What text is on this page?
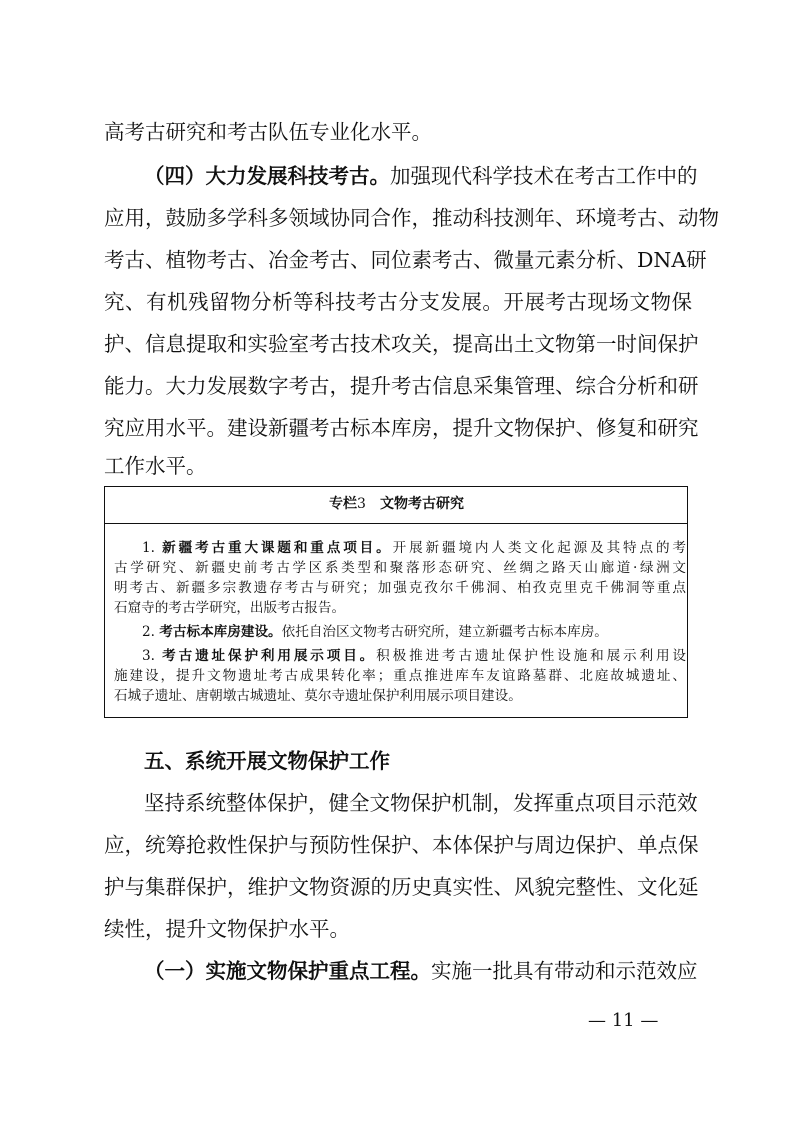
高考古研究和考古队伍专业化水平。
（四）大力发展科技考古。加强现代科学技术在考古工作中的
应用，鼓励多学科多领域协同合作，推动科技测年、环境考古、动物
考古、植物考古、冶金考古、同位素考古、微量元素分析、DNA研
究、有机残留物分析等科技考古分支发展。开展考古现场文物保
护、信息提取和实验室考古技术攻关，提高出土文物第一时间保护
能力。大力发展数字考古，提升考古信息采集管理、综合分析和研
究应用水平。建设新疆考古标本库房，提升文物保护、修复和研究
工作水平。
专栏3 文物考古研究
1. 新疆考古重大课题和重点项目。开展新疆境内人类文化起源及其特点的考
古学研究、新疆史前考古学区系类型和聚落形态研究、丝绸之路天山廊道·绿洲文
明考古、新疆多宗教遗存考古与研究；加强克孜尔千佛洞、柏孜克里克千佛洞等重点
石窟寺的考古学研究，出版考古报告。
2. 考古标本库房建设。依托自治区文物考古研究所，建立新疆考古标本库房。
3. 考古遗址保护利用展示项目。积极推进考古遗址保护性设施和展示利用设
施建设，提升文物遗址考古成果转化率；重点推进库车友谊路墓群、北庭故城遗址、
石城子遗址、唐朝墩古城遗址、莫尔寺遗址保护利用展示项目建设。
五、系统开展文物保护工作
坚持系统整体保护，健全文物保护机制，发挥重点项目示范效
应，统筹抢救性保护与预防性保护、本体保护与周边保护、单点保
护与集群保护，维护文物资源的历史真实性、风貌完整性、文化延
续性，提升文物保护水平。
（一）实施文物保护重点工程。实施一批具有带动和示范效应
— 11 —
